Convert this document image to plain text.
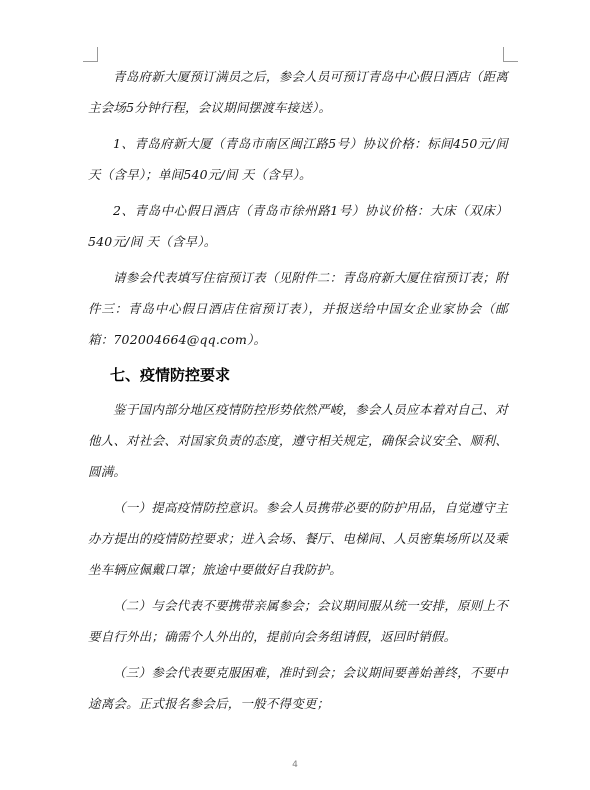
青岛府新大厦预订满员之后，参会人员可预订青岛中心假日酒店（距离主会场5分钟行程，会议期间摆渡车接送）。

1、青岛府新大厦（青岛市南区闽江路5号）协议价格：标间450元/间 天（含早）；单间540元/间 天（含早）。

2、青岛中心假日酒店（青岛市徐州路1号）协议价格：大床（双床）540元/间 天（含早）。

请参会代表填写住宿预订表（见附件二：青岛府新大厦住宿预订表；附件三：青岛中心假日酒店住宿预订表），并报送给中国女企业家协会（邮箱：702004664@qq.com）。

七、疫情防控要求

鉴于国内部分地区疫情防控形势依然严峻，参会人员应本着对自己、对他人、对社会、对国家负责的态度，遵守相关规定，确保会议安全、顺利、圆满。

（一）提高疫情防控意识。参会人员携带必要的防护用品，自觉遵守主办方提出的疫情防控要求；进入会场、餐厅、电梯间、人员密集场所以及乘坐车辆应佩戴口罩；旅途中要做好自我防护。

（二）与会代表不要携带亲属参会；会议期间服从统一安排，原则上不要自行外出；确需个人外出的，提前向会务组请假，返回时销假。

（三）参会代表要克服困难，准时到会；会议期间要善始善终，不要中途离会。正式报名参会后，一般不得变更；

4
